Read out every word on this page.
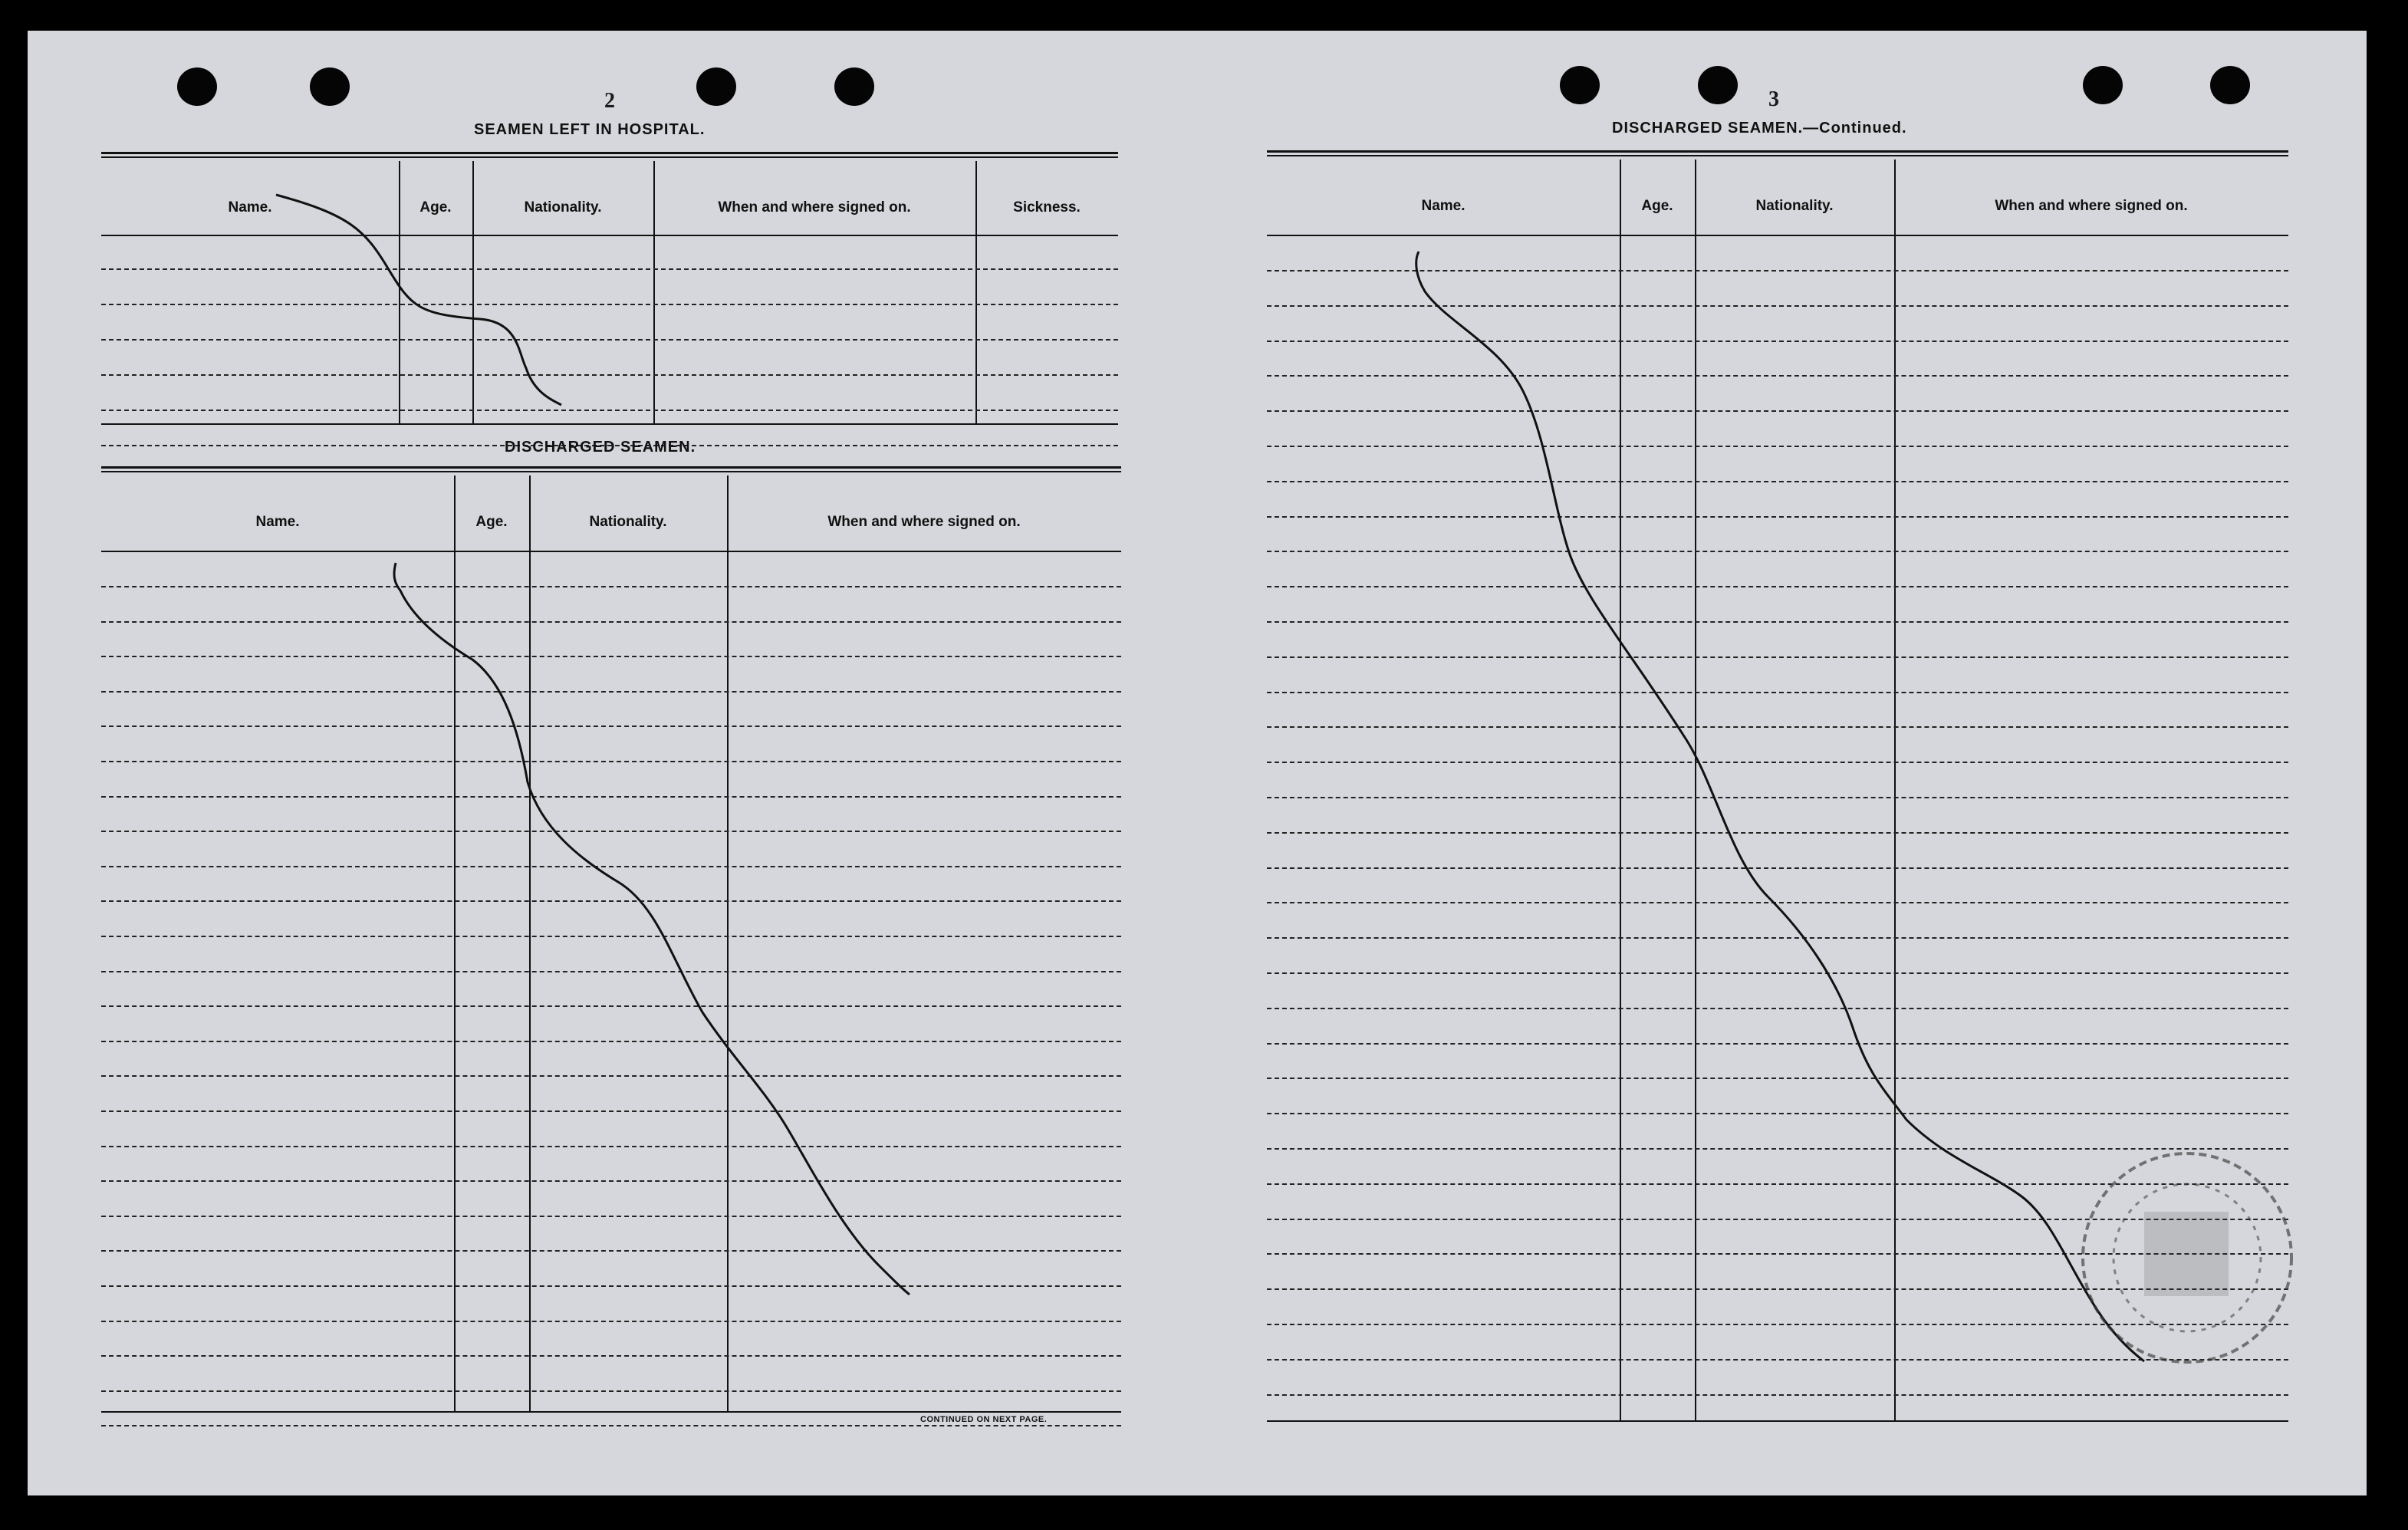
2
SEAMEN LEFT IN HOSPITAL.
Name.	Age.	Nationality.	When and where signed on.	Sickness.
DISCHARGED SEAMEN.
Name.	Age.	Nationality.	When and where signed on.
CONTINUED ON NEXT PAGE.
3
DISCHARGED SEAMEN.—Continued.
Name.	Age.	Nationality.	When and where signed on.
